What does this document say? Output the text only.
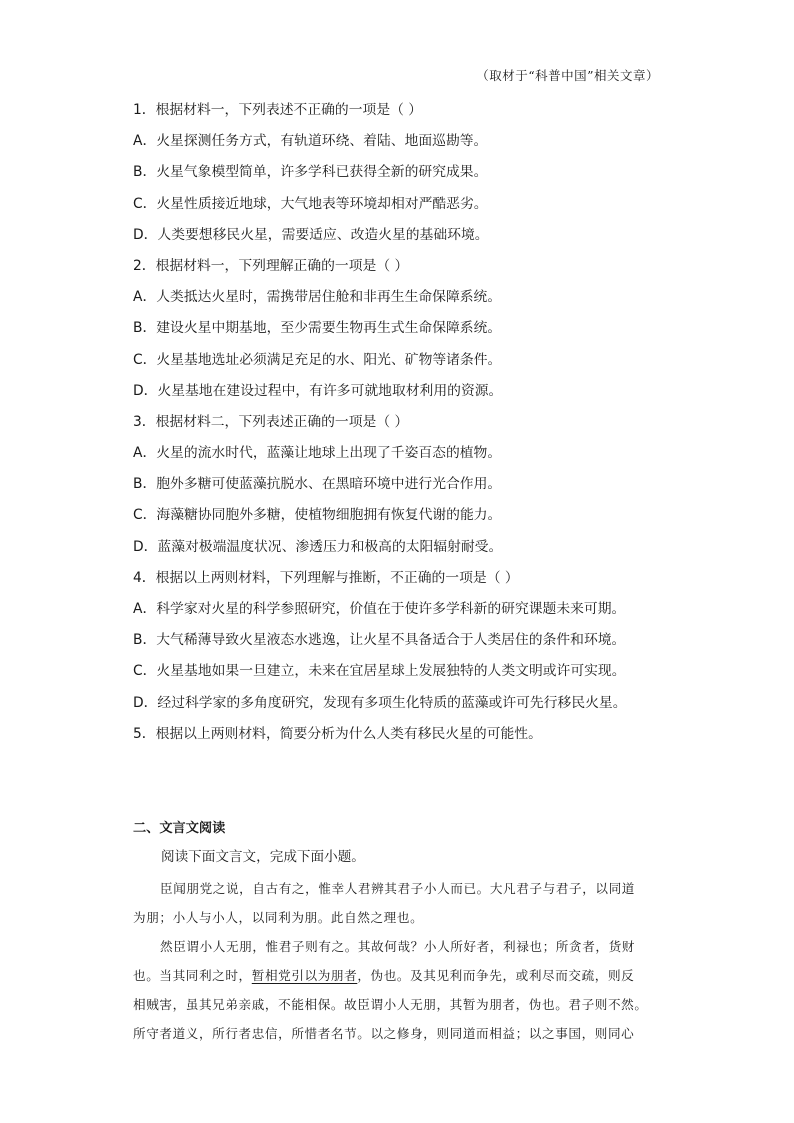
（取材于“科普中国”相关文章）
1．根据材料一，下列表述不正确的一项是（ ）
A．火星探测任务方式，有轨道环绕、着陆、地面巡勘等。
B．火星气象模型简单，许多学科已获得全新的研究成果。
C．火星性质接近地球，大气地表等环境却相对严酷恶劣。
D．人类要想移民火星，需要适应、改造火星的基础环境。
2．根据材料一，下列理解正确的一项是（ ）
A．人类抵达火星时，需携带居住舱和非再生生命保障系统。
B．建设火星中期基地，至少需要生物再生式生命保障系统。
C．火星基地选址必须满足充足的水、阳光、矿物等诸条件。
D．火星基地在建设过程中，有许多可就地取材利用的资源。
3．根据材料二，下列表述正确的一项是（ ）
A．火星的流水时代，蓝藻让地球上出现了千姿百态的植物。
B．胞外多糖可使蓝藻抗脱水、在黑暗环境中进行光合作用。
C．海藻糖协同胞外多糖，使植物细胞拥有恢复代谢的能力。
D．蓝藻对极端温度状况、渗透压力和极高的太阳辐射耐受。
4．根据以上两则材料，下列理解与推断，不正确的一项是（ ）
A．科学家对火星的科学参照研究，价值在于使许多学科新的研究课题未来可期。
B．大气稀薄导致火星液态水逃逸，让火星不具备适合于人类居住的条件和环境。
C．火星基地如果一旦建立，未来在宜居星球上发展独特的人类文明或许可实现。
D．经过科学家的多角度研究，发现有多项生化特质的蓝藻或许可先行移民火星。
5．根据以上两则材料，简要分析为什么人类有移民火星的可能性。
二、文言文阅读
阅读下面文言文，完成下面小题。
臣闻朋党之说，自古有之，惟幸人君辨其君子小人而已。大凡君子与君子，以同道
为朋；小人与小人，以同利为朋。此自然之理也。
然臣谓小人无朋，惟君子则有之。其故何哉？小人所好者，利禄也；所贪者，货财
也。当其同利之时，暂相党引以为朋者，伪也。及其见利而争先，或利尽而交疏，则反
相贼害，虽其兄弟亲戚，不能相保。故臣谓小人无朋，其暂为朋者，伪也。君子则不然。
所守者道义，所行者忠信，所惜者名节。以之修身，则同道而相益；以之事国，则同心
